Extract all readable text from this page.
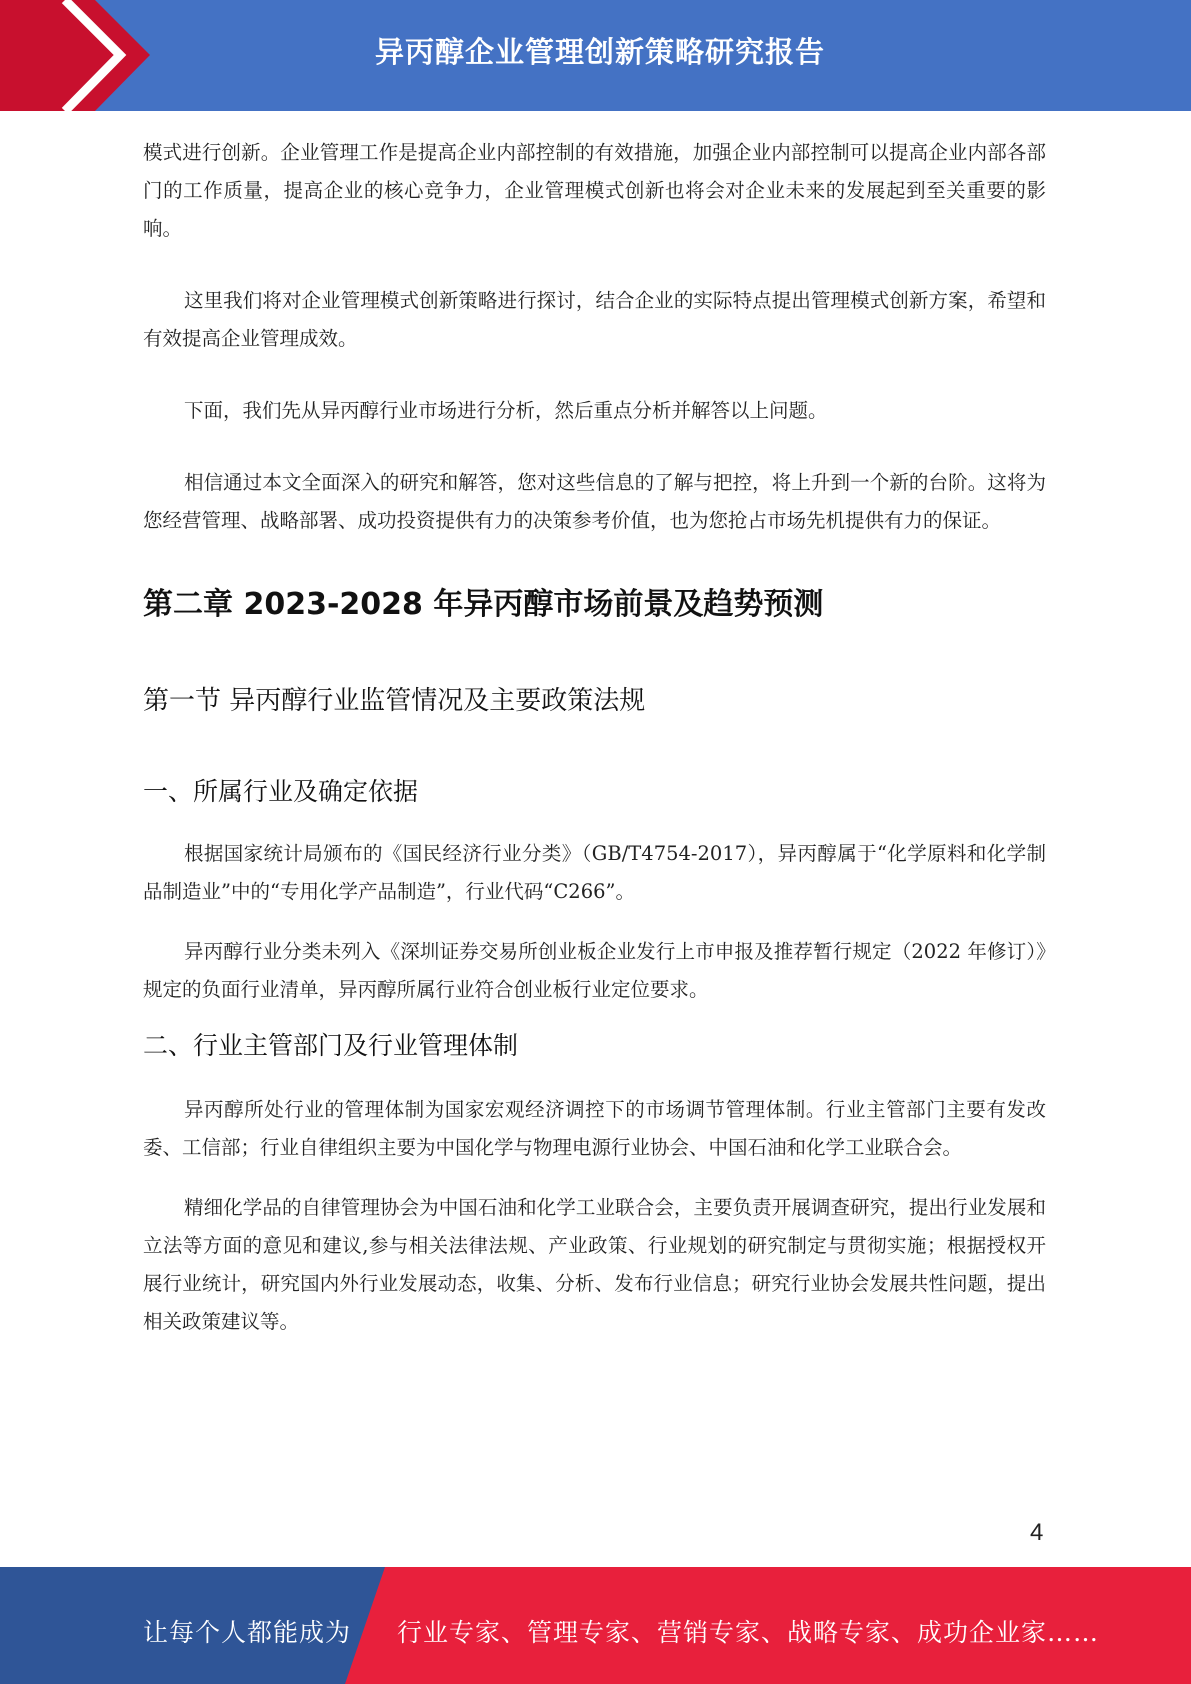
异丙醇企业管理创新策略研究报告

模式进行创新。企业管理工作是提高企业内部控制的有效措施，加强企业内部控制可以提高企业内部各部门的工作质量，提高企业的核心竞争力，企业管理模式创新也将会对企业未来的发展起到至关重要的影响。

这里我们将对企业管理模式创新策略进行探讨，结合企业的实际特点提出管理模式创新方案，希望和有效提高企业管理成效。

下面，我们先从异丙醇行业市场进行分析，然后重点分析并解答以上问题。

相信通过本文全面深入的研究和解答，您对这些信息的了解与把控，将上升到一个新的台阶。这将为您经营管理、战略部署、成功投资提供有力的决策参考价值，也为您抢占市场先机提供有力的保证。

第二章 2023-2028 年异丙醇市场前景及趋势预测
第一节 异丙醇行业监管情况及主要政策法规
一、所属行业及确定依据

根据国家统计局颁布的《国民经济行业分类》（GB/T4754-2017），异丙醇属于“化学原料和化学制品制造业”中的“专用化学产品制造”，行业代码“C266”。

异丙醇行业分类未列入《深圳证券交易所创业板企业发行上市申报及推荐暂行规定（2022 年修订）》规定的负面行业清单，异丙醇所属行业符合创业板行业定位要求。

二、行业主管部门及行业管理体制

异丙醇所处行业的管理体制为国家宏观经济调控下的市场调节管理体制。行业主管部门主要有发改委、工信部；行业自律组织主要为中国化学与物理电源行业协会、中国石油和化学工业联合会。

精细化学品的自律管理协会为中国石油和化学工业联合会，主要负责开展调查研究，提出行业发展和立法等方面的意见和建议,参与相关法律法规、产业政策、行业规划的研究制定与贯彻实施；根据授权开展行业统计，研究国内外行业发展动态，收集、分析、发布行业信息；研究行业协会发展共性问题，提出相关政策建议等。

4
让每个人都能成为 行业专家、管理专家、营销专家、战略专家、成功企业家……
